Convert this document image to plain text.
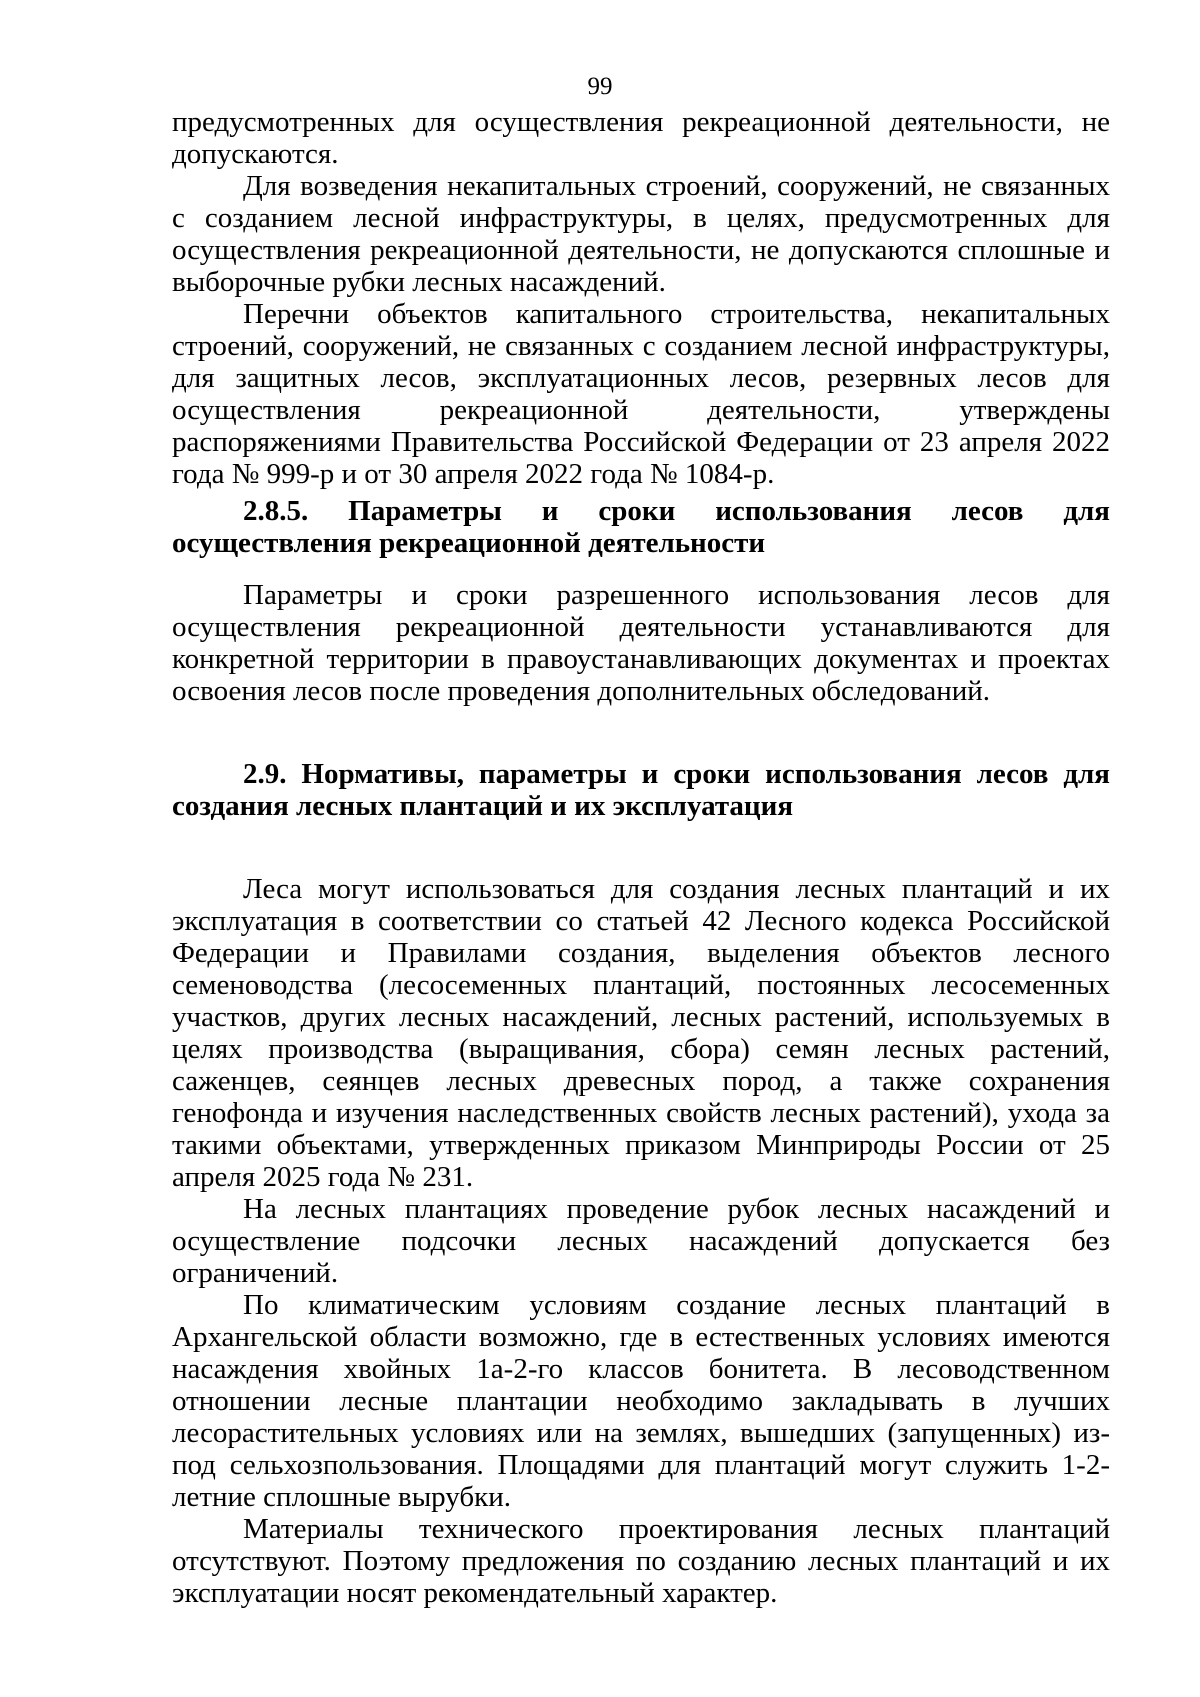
99

предусмотренных для осуществления рекреационной деятельности, не допускаются.

Для возведения некапитальных строений, сооружений, не связанных с созданием лесной инфраструктуры, в целях, предусмотренных для осуществления рекреационной деятельности, не допускаются сплошные и выборочные рубки лесных насаждений.

Перечни объектов капитального строительства, некапитальных строений, сооружений, не связанных с созданием лесной инфраструктуры, для защитных лесов, эксплуатационных лесов, резервных лесов для осуществления рекреационной деятельности, утверждены распоряжениями Правительства Российской Федерации от 23 апреля 2022 года № 999-р и от 30 апреля 2022 года № 1084-р.

2.8.5. Параметры и сроки использования лесов для осуществления рекреационной деятельности

Параметры и сроки разрешенного использования лесов для осуществления рекреационной деятельности устанавливаются для конкретной территории в правоустанавливающих документах и проектах освоения лесов после проведения дополнительных обследований.

2.9. Нормативы, параметры и сроки использования лесов для создания лесных плантаций и их эксплуатация

Леса могут использоваться для создания лесных плантаций и их эксплуатация в соответствии со статьей 42 Лесного кодекса Российской Федерации и Правилами создания, выделения объектов лесного семеноводства (лесосеменных плантаций, постоянных лесосеменных участков, других лесных насаждений, лесных растений, используемых в целях производства (выращивания, сбора) семян лесных растений, саженцев, сеянцев лесных древесных пород, а также сохранения генофонда и изучения наследственных свойств лесных растений), ухода за такими объектами, утвержденных приказом Минприроды России от 25 апреля 2025 года № 231.

На лесных плантациях проведение рубок лесных насаждений и осуществление подсочки лесных насаждений допускается без ограничений.

По климатическим условиям создание лесных плантаций в Архангельской области возможно, где в естественных условиях имеются насаждения хвойных 1а-2-го классов бонитета. В лесоводственном отношении лесные плантации необходимо закладывать в лучших лесорастительных условиях или на землях, вышедших (запущенных) из-под сельхозпользования. Площадями для плантаций могут служить 1-2-летние сплошные вырубки.

Материалы технического проектирования лесных плантаций отсутствуют. Поэтому предложения по созданию лесных плантаций и их эксплуатации носят рекомендательный характер.
